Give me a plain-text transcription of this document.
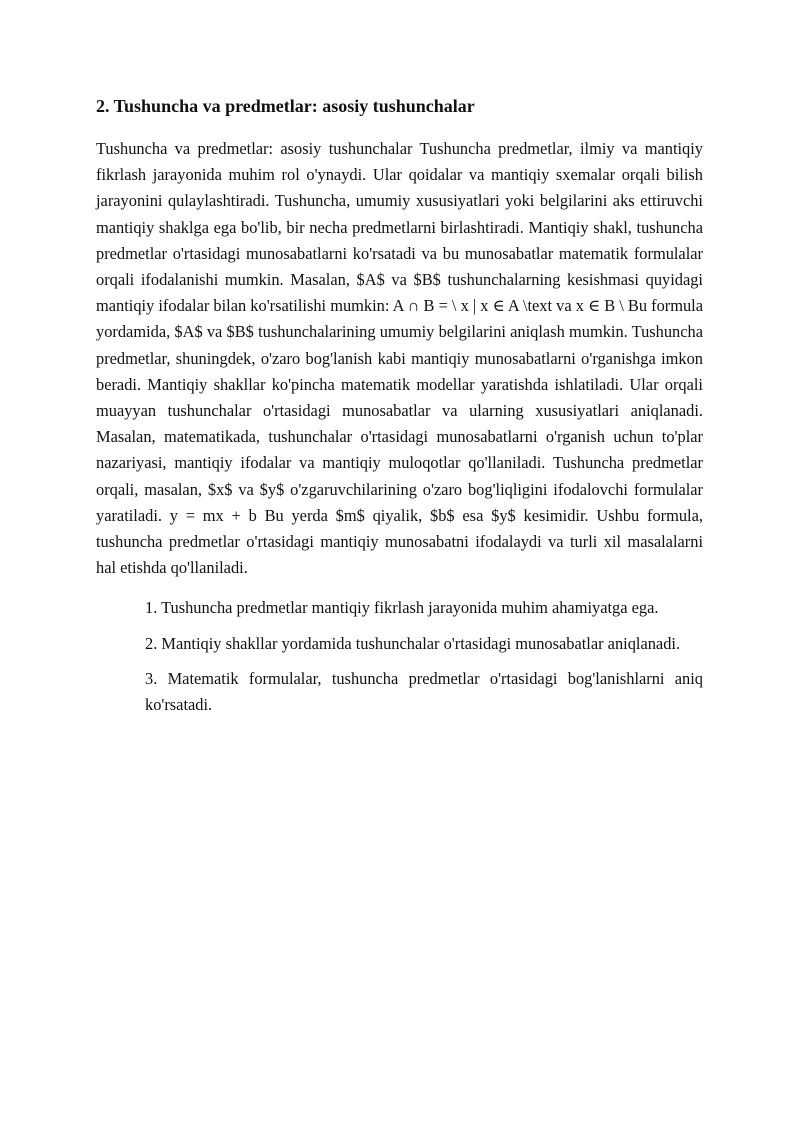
2. Tushuncha va predmetlar: asosiy tushunchalar

Tushuncha va predmetlar: asosiy tushunchalar Tushuncha predmetlar, ilmiy va mantiqiy fikrlash jarayonida muhim rol o'ynaydi. Ular qoidalar va mantiqiy sxemalar orqali bilish jarayonini qulaylashtiradi. Tushuncha, umumiy xususiyatlari yoki belgilarini aks ettiruvchi mantiqiy shaklga ega bo'lib, bir necha predmetlarni birlashtiradi. Mantiqiy shakl, tushuncha predmetlar o'rtasidagi munosabatlarni ko'rsatadi va bu munosabatlar matematik formulalar orqali ifodalanishi mumkin. Masalan, $A$ va $B$ tushunchalarning kesishmasi quyidagi mantiqiy ifodalar bilan ko'rsatilishi mumkin: A ∩ B = \ x | x ∈ A \text va x ∈ B \ Bu formula yordamida, $A$ va $B$ tushunchalarining umumiy belgilarini aniqlash mumkin. Tushuncha predmetlar, shuningdek, o'zaro bog'lanish kabi mantiqiy munosabatlarni o'rganishga imkon beradi. Mantiqiy shakllar ko'pincha matematik modellar yaratishda ishlatiladi. Ular orqali muayyan tushunchalar o'rtasidagi munosabatlar va ularning xususiyatlari aniqlanadi. Masalan, matematikada, tushunchalar o'rtasidagi munosabatlarni o'rganish uchun to'plar nazariyasi, mantiqiy ifodalar va mantiqiy muloqotlar qo'llaniladi. Tushuncha predmetlar orqali, masalan, $x$ va $y$ o'zgaruvchilarining o'zaro bog'liqligini ifodalovchi formulalar yaratiladi. y = mx + b Bu yerda $m$ qiyalik, $b$ esa $y$ kesimidir. Ushbu formula, tushuncha predmetlar o'rtasidagi mantiqiy munosabatni ifodalaydi va turli xil masalalarni hal etishda qo'llaniladi.

1. Tushuncha predmetlar mantiqiy fikrlash jarayonida muhim ahamiyatga ega.
2. Mantiqiy shakllar yordamida tushunchalar o'rtasidagi munosabatlar aniqlanadi.
3. Matematik formulalar, tushuncha predmetlar o'rtasidagi bog'lanishlarni aniq ko'rsatadi.
